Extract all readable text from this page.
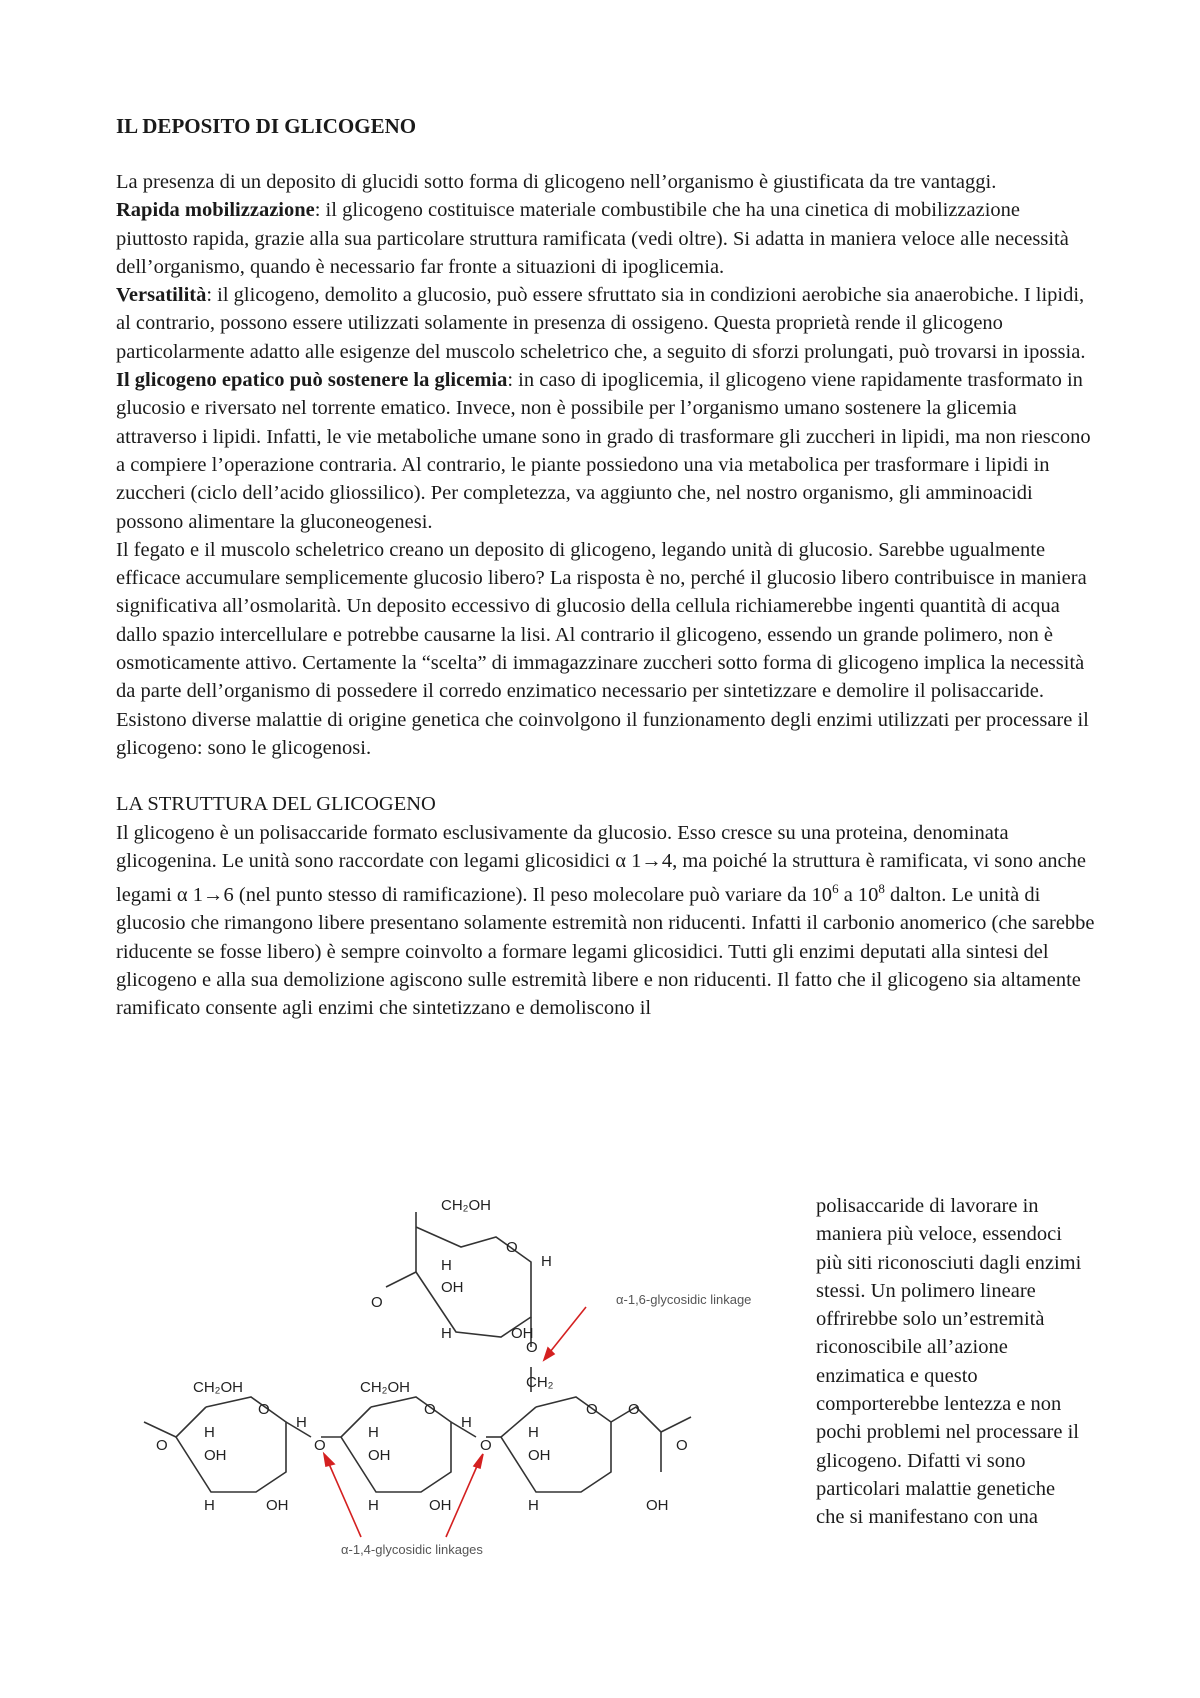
IL DEPOSITO DI GLICOGENO

La presenza di un deposito di glucidi sotto forma di glicogeno nell’organismo è giustificata da tre vantaggi.

Rapida mobilizzazione: il glicogeno costituisce materiale combustibile che ha una cinetica di mobilizzazione piuttosto rapida, grazie alla sua particolare struttura ramificata (vedi oltre). Si adatta in maniera veloce alle necessità dell’organismo, quando è necessario far fronte a situazioni di ipoglicemia.

Versatilità: il glicogeno, demolito a glucosio, può essere sfruttato sia in condizioni aerobiche sia anaerobiche. I lipidi, al contrario, possono essere utilizzati solamente in presenza di ossigeno. Questa proprietà rende il glicogeno particolarmente adatto alle esigenze del muscolo scheletrico che, a seguito di sforzi prolungati, può trovarsi in ipossia.

Il glicogeno epatico può sostenere la glicemia: in caso di ipoglicemia, il glicogeno viene rapidamente trasformato in glucosio e riversato nel torrente ematico. Invece, non è possibile per l’organismo umano sostenere la glicemia attraverso i lipidi. Infatti, le vie metaboliche umane sono in grado di trasformare gli zuccheri in lipidi, ma non riescono a compiere l’operazione contraria. Al contrario, le piante possiedono una via metabolica per trasformare i lipidi in zuccheri (ciclo dell’acido gliossilico). Per completezza, va aggiunto che, nel nostro organismo, gli amminoacidi possono alimentare la gluconeogenesi.

Il fegato e il muscolo scheletrico creano un deposito di glicogeno, legando unità di glucosio. Sarebbe ugualmente efficace accumulare semplicemente glucosio libero? La risposta è no, perché il glucosio libero contribuisce in maniera significativa all’osmolarità. Un deposito eccessivo di glucosio della cellula richiamerebbe ingenti quantità di acqua dallo spazio intercellulare e potrebbe causarne la lisi. Al contrario il glicogeno, essendo un grande polimero, non è osmoticamente attivo. Certamente la “scelta” di immagazzinare zuccheri sotto forma di glicogeno implica la necessità da parte dell’organismo di possedere il corredo enzimatico necessario per sintetizzare e demolire il polisaccaride. Esistono diverse malattie di origine genetica che coinvolgono il funzionamento degli enzimi utilizzati per processare il glicogeno: sono le glicogenosi.

LA STRUTTURA DEL GLICOGENO

Il glicogeno è un polisaccaride formato esclusivamente da glucosio. Esso cresce su una proteina, denominata glicogenina. Le unità sono raccordate con legami glicosidici α 1→4, ma poiché la struttura è ramificata, vi sono anche legami α 1→6 (nel punto stesso di ramificazione). Il peso molecolare può variare da $10^6$ a $10^8$ dalton. Le unità di glucosio che rimangono libere presentano solamente estremità non riducenti. Infatti il carbonio anomerico (che sarebbe riducente se fosse libero) è sempre coinvolto a formare legami glicosidici. Tutti gli enzimi deputati alla sintesi del glicogeno e alla sua demolizione agiscono sulle estremità libere e non riducenti. Il fatto che il glicogeno sia altamente ramificato consente agli enzimi che sintetizzano e demoliscono il

CH₂OH
O
H
H
OH
O
H	OH
O
CH₂
CH₂OH	CH₂OH
O	O	O O
H	H
H	H	H
O	O	O	O
OH	OH	OH
H	OH	H	OH	H	OH
α-1,6-glycosidic linkage
α-1,4-glycosidic linkages
polisaccaride di lavorare in maniera più veloce, essendoci più siti riconosciuti dagli enzimi stessi. Un polimero lineare offrirebbe solo un’estremità riconoscibile all’azione enzimatica e questo comporterebbe lentezza e non pochi problemi nel processare il glicogeno. Difatti vi sono particolari malattie genetiche che si manifestano con una
